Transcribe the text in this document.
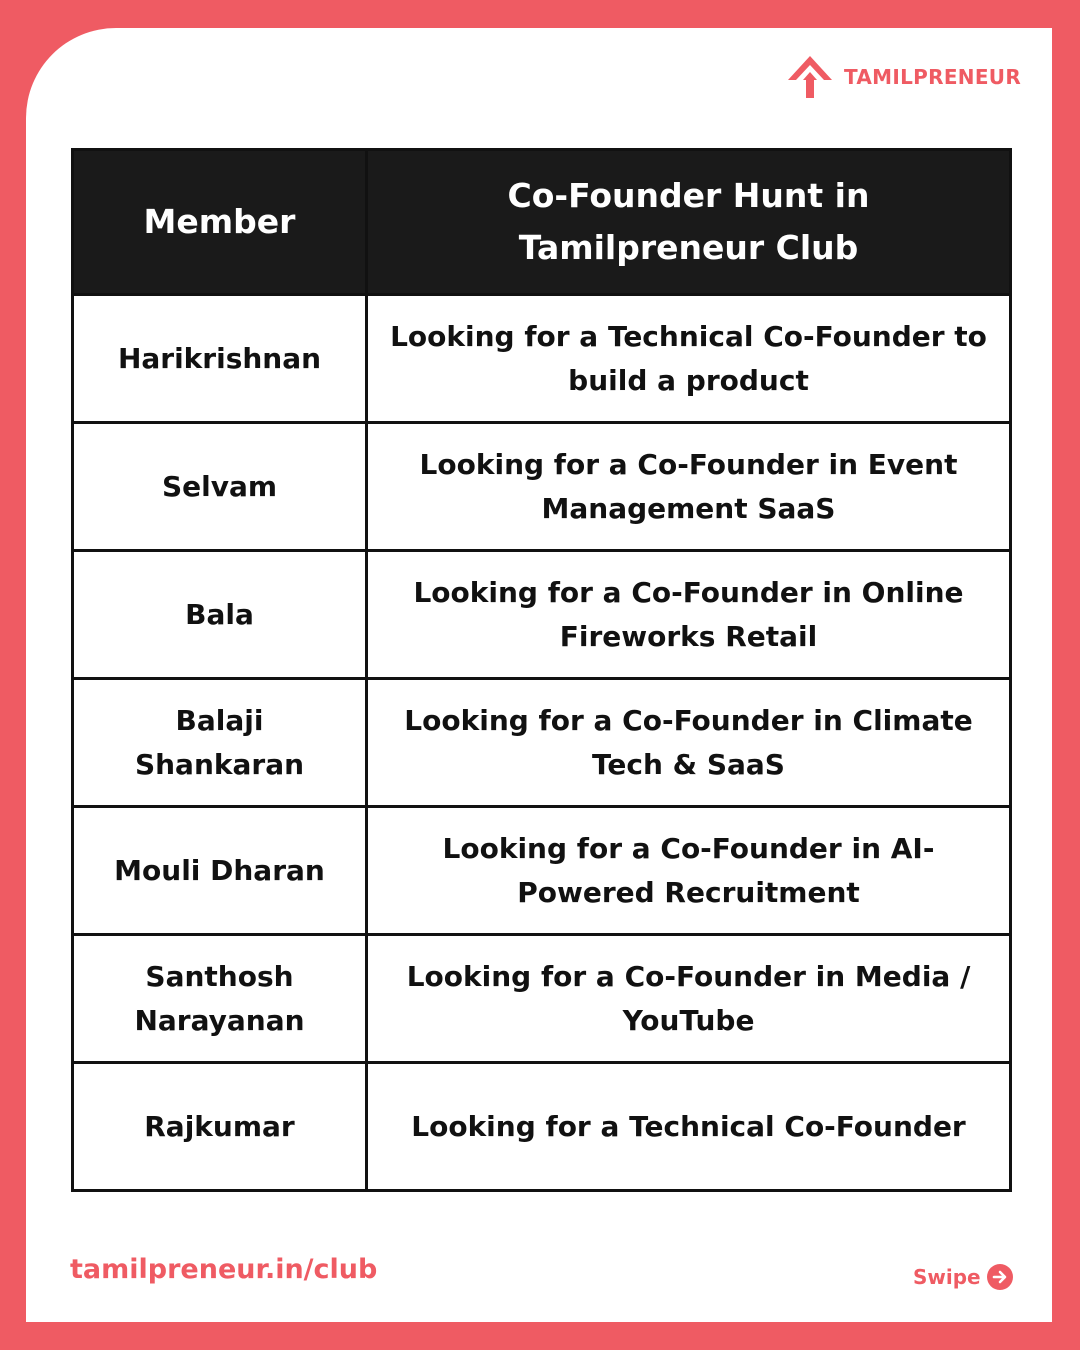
TAMILPRENEUR
Member	Co-Founder Hunt in Tamilpreneur Club
Harikrishnan	Looking for a Technical Co-Founder to build a product
Selvam	Looking for a Co-Founder in Event Management SaaS
Bala	Looking for a Co-Founder in Online Fireworks Retail
Balaji Shankaran	Looking for a Co-Founder in Climate Tech & SaaS
Mouli Dharan	Looking for a Co-Founder in AI-Powered Recruitment
Santhosh Narayanan	Looking for a Co-Founder in Media / YouTube
Rajkumar	Looking for a Technical Co-Founder
tamilpreneur.in/club	Swipe
